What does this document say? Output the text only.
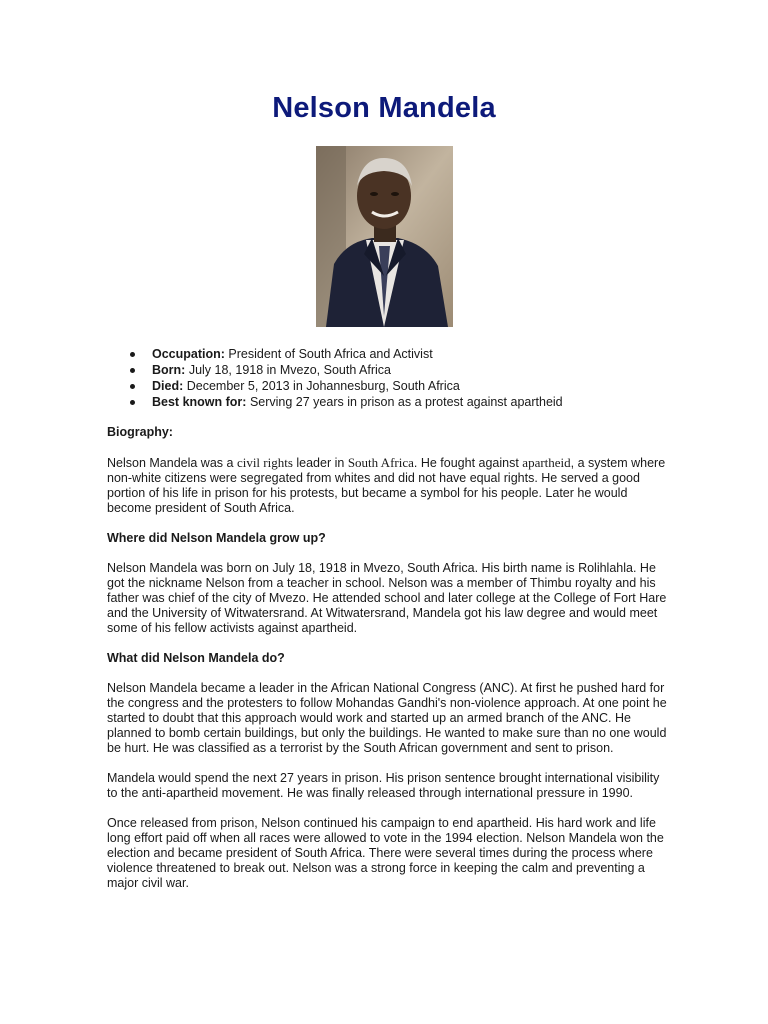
Nelson Mandela
Occupation: President of South Africa and Activist
Born: July 18, 1918 in Mvezo, South Africa
Died: December 5, 2013 in Johannesburg, South Africa
Best known for: Serving 27 years in prison as a protest against apartheid
Biography:

Nelson Mandela was a civil rights leader in South Africa. He fought against apartheid, a system where non-white citizens were segregated from whites and did not have equal rights. He served a good portion of his life in prison for his protests, but became a symbol for his people. Later he would become president of South Africa.

Where did Nelson Mandela grow up?

Nelson Mandela was born on July 18, 1918 in Mvezo, South Africa. His birth name is Rolihlahla. He got the nickname Nelson from a teacher in school. Nelson was a member of Thimbu royalty and his father was chief of the city of Mvezo. He attended school and later college at the College of Fort Hare and the University of Witwatersrand. At Witwatersrand, Mandela got his law degree and would meet some of his fellow activists against apartheid.

What did Nelson Mandela do?

Nelson Mandela became a leader in the African National Congress (ANC). At first he pushed hard for the congress and the protesters to follow Mohandas Gandhi's non-violence approach. At one point he started to doubt that this approach would work and started up an armed branch of the ANC. He planned to bomb certain buildings, but only the buildings. He wanted to make sure than no one would be hurt. He was classified as a terrorist by the South African government and sent to prison.

Mandela would spend the next 27 years in prison. His prison sentence brought international visibility to the anti-apartheid movement. He was finally released through international pressure in 1990.

Once released from prison, Nelson continued his campaign to end apartheid. His hard work and life long effort paid off when all races were allowed to vote in the 1994 election. Nelson Mandela won the election and became president of South Africa. There were several times during the process where violence threatened to break out. Nelson was a strong force in keeping the calm and preventing a major civil war.
